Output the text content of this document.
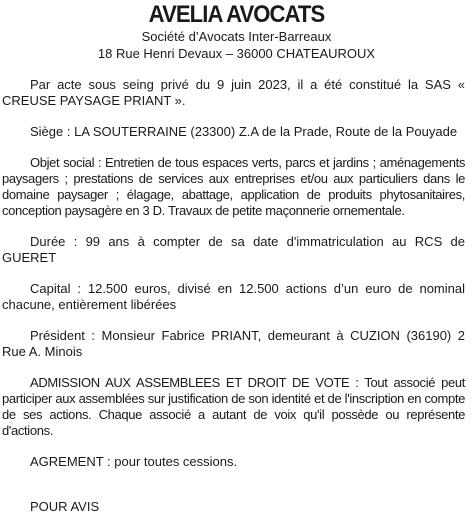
AVELIA AVOCATS
Société d’Avocats Inter-Barreaux
18 Rue Henri Devaux – 36000 CHATEAUROUX

Par acte sous seing privé du 9 juin 2023, il a été constitué la SAS « CREUSE PAYSAGE PRIANT ».

Siège : LA SOUTERRAINE (23300) Z.A de la Prade, Route de la Pouyade

Objet social : Entretien de tous espaces verts, parcs et jardins ; aménagements paysagers ; prestations de services aux entreprises et/ou aux particuliers dans le domaine paysager ; élagage, abattage, application de produits phytosanitaires, conception paysagère en 3 D. Travaux de petite maçonnerie ornementale.

Durée : 99 ans à compter de sa date d'immatriculation au RCS de GUERET

Capital : 12.500 euros, divisé en 12.500 actions d’un euro de nominal chacune, entièrement libérées

Président : Monsieur Fabrice PRIANT, demeurant à CUZION (36190) 2 Rue A. Minois

ADMISSION AUX ASSEMBLEES ET DROIT DE VOTE : Tout associé peut participer aux assemblées sur justification de son identité et de l'inscription en compte de ses actions. Chaque associé a autant de voix qu'il possède ou représente d'actions.

AGREMENT : pour toutes cessions.

POUR AVIS
